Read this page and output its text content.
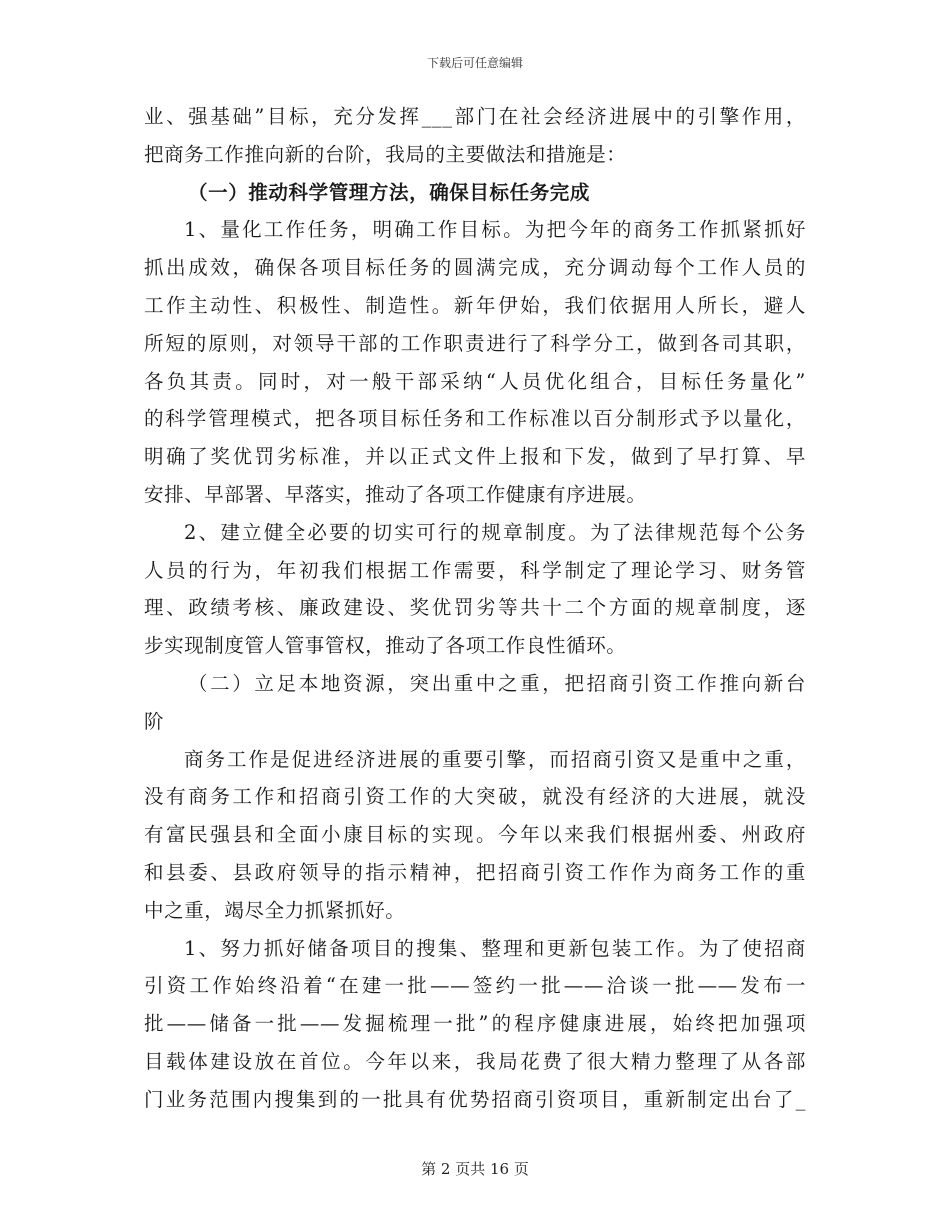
下载后可任意编辑
业、强基础”目标，充分发挥___部门在社会经济进展中的引擎作用，
把商务工作推向新的台阶，我局的主要做法和措施是：
（一）推动科学管理方法，确保目标任务完成
1、量化工作任务，明确工作目标。为把今年的商务工作抓紧抓好
抓出成效，确保各项目标任务的圆满完成，充分调动每个工作人员的
工作主动性、积极性、制造性。新年伊始，我们依据用人所长，避人
所短的原则，对领导干部的工作职责进行了科学分工，做到各司其职，
各负其责。同时，对一般干部采纳“人员优化组合，目标任务量化”
的科学管理模式，把各项目标任务和工作标准以百分制形式予以量化，
明确了奖优罚劣标准，并以正式文件上报和下发，做到了早打算、早
安排、早部署、早落实，推动了各项工作健康有序进展。
2、建立健全必要的切实可行的规章制度。为了法律规范每个公务
人员的行为，年初我们根据工作需要，科学制定了理论学习、财务管
理、政绩考核、廉政建设、奖优罚劣等共十二个方面的规章制度，逐
步实现制度管人管事管权，推动了各项工作良性循环。
（二）立足本地资源，突出重中之重，把招商引资工作推向新台
阶
商务工作是促进经济进展的重要引擎，而招商引资又是重中之重，
没有商务工作和招商引资工作的大突破，就没有经济的大进展，就没
有富民强县和全面小康目标的实现。今年以来我们根据州委、州政府
和县委、县政府领导的指示精神，把招商引资工作作为商务工作的重
中之重，竭尽全力抓紧抓好。
1、努力抓好储备项目的搜集、整理和更新包装工作。为了使招商
引资工作始终沿着“在建一批——签约一批——洽谈一批——发布一
批——储备一批——发掘梳理一批”的程序健康进展，始终把加强项
目载体建设放在首位。今年以来，我局花费了很大精力整理了从各部
门业务范围内搜集到的一批具有优势招商引资项目，重新制定出台了_
第 2 页共 16 页
